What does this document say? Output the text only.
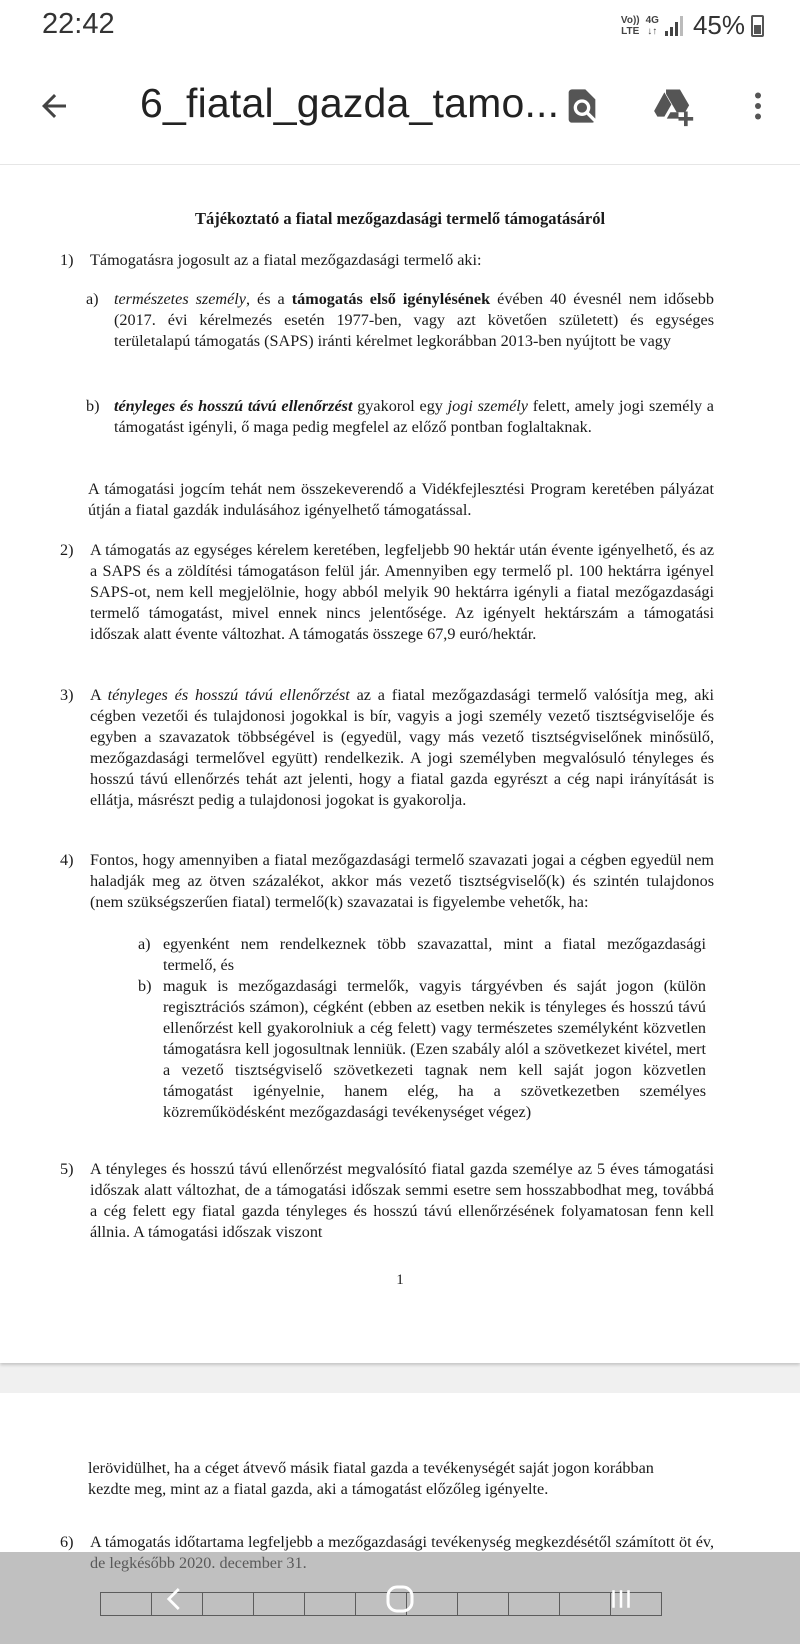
22:42	Vo))
LTE
4G
↓↑ 45%
6_fiatal_gazda_tamo...
Tájékoztató a fiatal mezőgazdasági termelő támogatásáról
1) Támogatásra jogosult az a fiatal mezőgazdasági termelő aki:

a) természetes személy, és a támogatás első igénylésének évében 40 évesnél nem idősebb (2017. évi kérelmezés esetén 1977-ben, vagy azt követően született) és egységes területalapú támogatás (SAPS) iránti kérelmet legkorábban 2013-ben nyújtott be vagy

b) tényleges és hosszú távú ellenőrzést gyakorol egy jogi személy felett, amely jogi személy a támogatást igényli, ő maga pedig megfelel az előző pontban foglaltaknak.

A támogatási jogcím tehát nem összekeverendő a Vidékfejlesztési Program keretében pályázat útján a fiatal gazdák indulásához igényelhető támogatással.

2) A támogatás az egységes kérelem keretében, legfeljebb 90 hektár után évente igényelhető, és az a SAPS és a zöldítési támogatáson felül jár. Amennyiben egy termelő pl. 100 hektárra igényel SAPS-ot, nem kell megjelölnie, hogy abból melyik 90 hektárra igényli a fiatal mezőgazdasági termelő támogatást, mivel ennek nincs jelentősége. Az igényelt hektárszám a támogatási időszak alatt évente változhat. A támogatás összege 67,9 euró/hektár.

3) A tényleges és hosszú távú ellenőrzést az a fiatal mezőgazdasági termelő valósítja meg, aki cégben vezetői és tulajdonosi jogokkal is bír, vagyis a jogi személy vezető tisztségviselője és egyben a szavazatok többségével is (egyedül, vagy más vezető tisztségviselőnek minősülő, mezőgazdasági termelővel együtt) rendelkezik. A jogi személyben megvalósuló tényleges és hosszú távú ellenőrzés tehát azt jelenti, hogy a fiatal gazda egyrészt a cég napi irányítását is ellátja, másrészt pedig a tulajdonosi jogokat is gyakorolja.

4) Fontos, hogy amennyiben a fiatal mezőgazdasági termelő szavazati jogai a cégben egyedül nem haladják meg az ötven százalékot, akkor más vezető tisztségviselő(k) és szintén tulajdonos (nem szükségszerűen fiatal) termelő(k) szavazatai is figyelembe vehetők, ha:

a) egyenként nem rendelkeznek több szavazattal, mint a fiatal mezőgazdasági termelő, és

b) maguk is mezőgazdasági termelők, vagyis tárgyévben és saját jogon (külön regisztrációs számon), cégként (ebben az esetben nekik is tényleges és hosszú távú ellenőrzést kell gyakorolniuk a cég felett) vagy természetes személyként közvetlen támogatásra kell jogosultnak lenniük. (Ezen szabály alól a szövetkezet kivétel, mert a vezető tisztségviselő szövetkezeti tagnak nem kell saját jogon közvetlen támogatást igényelnie, hanem elég, ha a szövetkezetben személyes közreműködésként mezőgazdasági tevékenységet végez)

5) A tényleges és hosszú távú ellenőrzést megvalósító fiatal gazda személye az 5 éves támogatási időszak alatt változhat, de a támogatási időszak semmi esetre sem hosszabbodhat meg, továbbá a cég felett egy fiatal gazda tényleges és hosszú távú ellenőrzésének folyamatosan fenn kell állnia. A támogatási időszak viszont

1

lerövidülhet, ha a céget átvevő másik fiatal gazda a tevékenységét saját jogon korábban kezdte meg, mint az a fiatal gazda, aki a támogatást előzőleg igényelte.

6) A támogatás időtartama legfeljebb a mezőgazdasági tevékenység megkezdésétől számított öt év,
